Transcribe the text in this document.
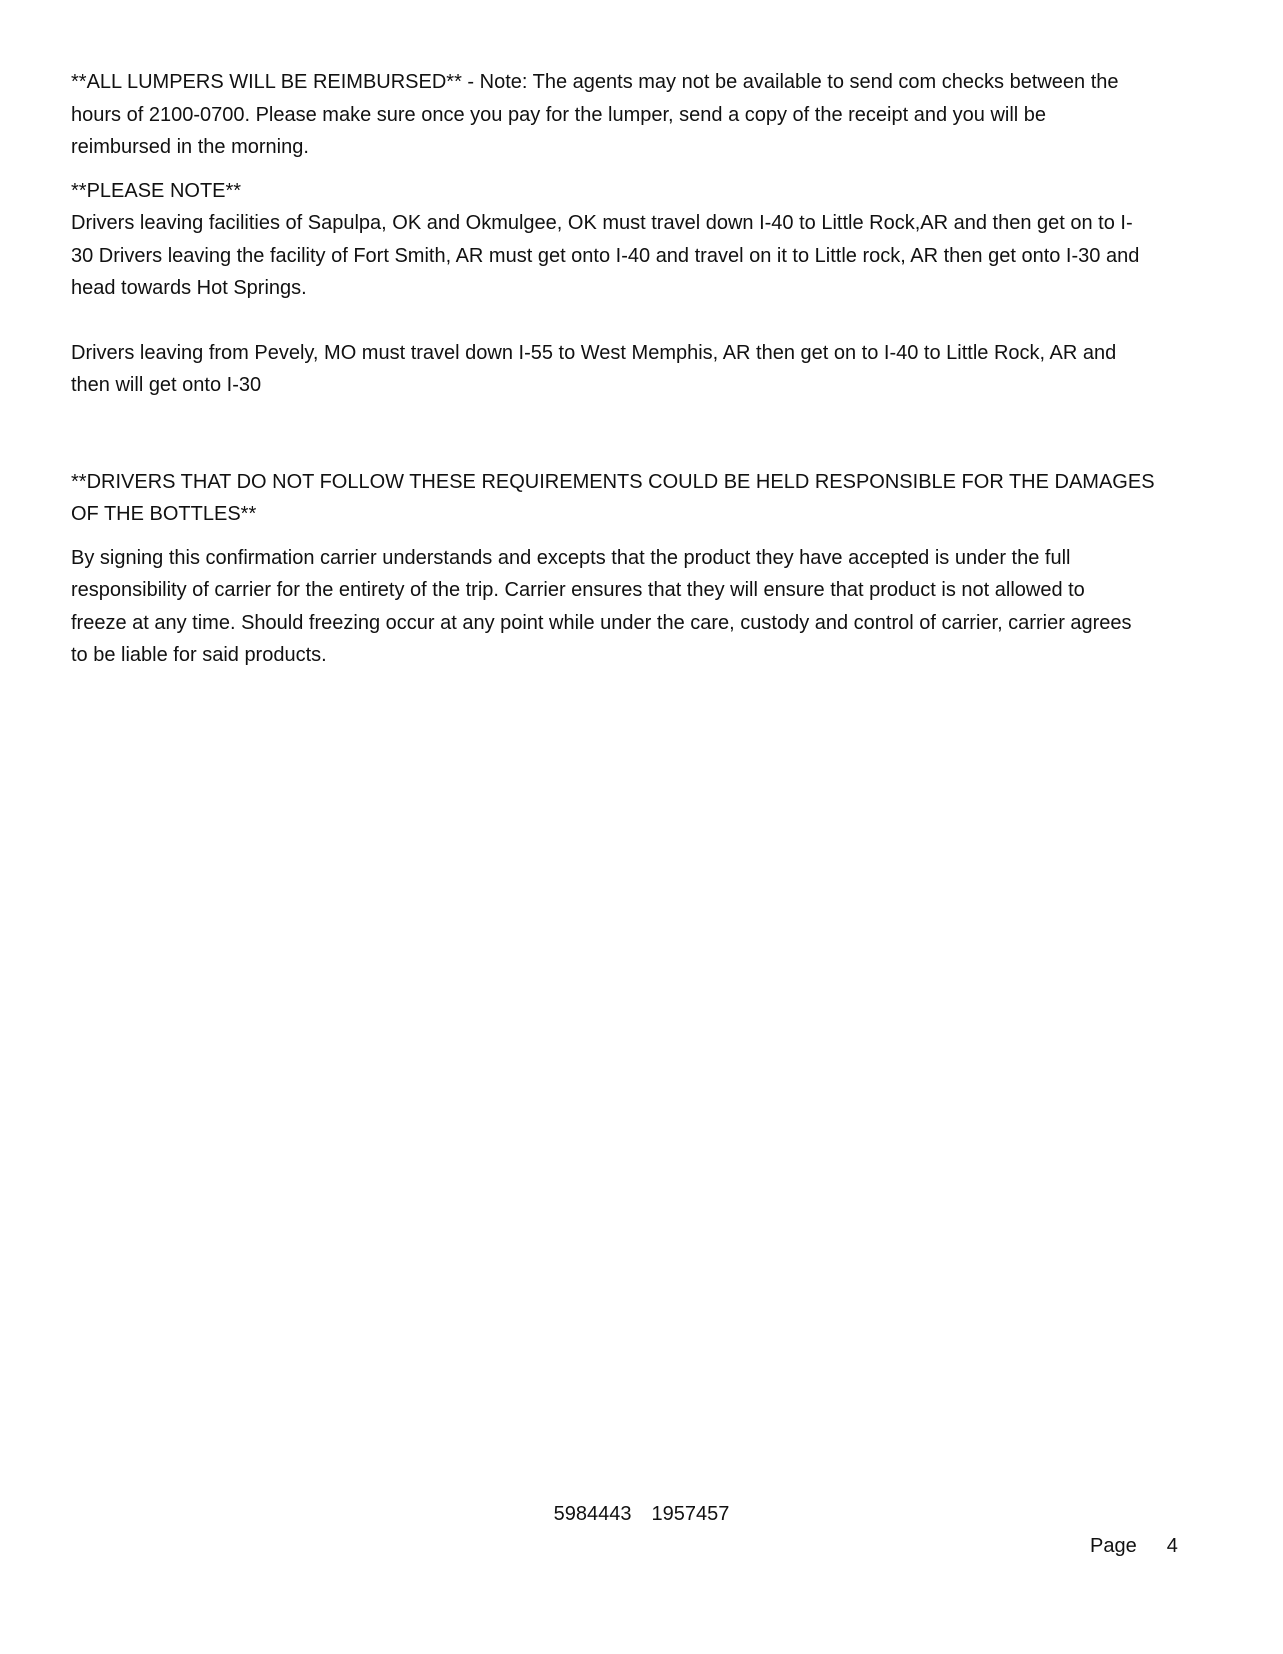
**ALL LUMPERS WILL BE REIMBURSED** - Note: The agents may not be available to send com checks between the
hours of 2100-0700. Please make sure once you pay for the lumper, send a copy of the receipt and you will be
reimbursed in the morning.

**PLEASE NOTE**

Drivers leaving facilities of Sapulpa, OK and Okmulgee, OK must travel down I-40 to Little Rock,AR and then get on to I-
30 Drivers leaving the facility of Fort Smith, AR must get onto I-40 and travel on it to Little rock, AR then get onto I-30 and
head towards Hot Springs.

Drivers leaving from Pevely, MO must travel down I-55 to West Memphis, AR then get on to I-40 to Little Rock, AR and
then will get onto I-30

**DRIVERS THAT DO NOT FOLLOW THESE REQUIREMENTS COULD BE HELD RESPONSIBLE FOR THE DAMAGES
OF THE BOTTLES**

By signing this confirmation carrier understands and excepts that the product they have accepted is under the full
responsibility of carrier for the entirety of the trip. Carrier ensures that they will ensure that product is not allowed to
freeze at any time. Should freezing occur at any point while under the care, custody and control of carrier, carrier agrees
to be liable for said products.

5984443 1957457
Page 4
